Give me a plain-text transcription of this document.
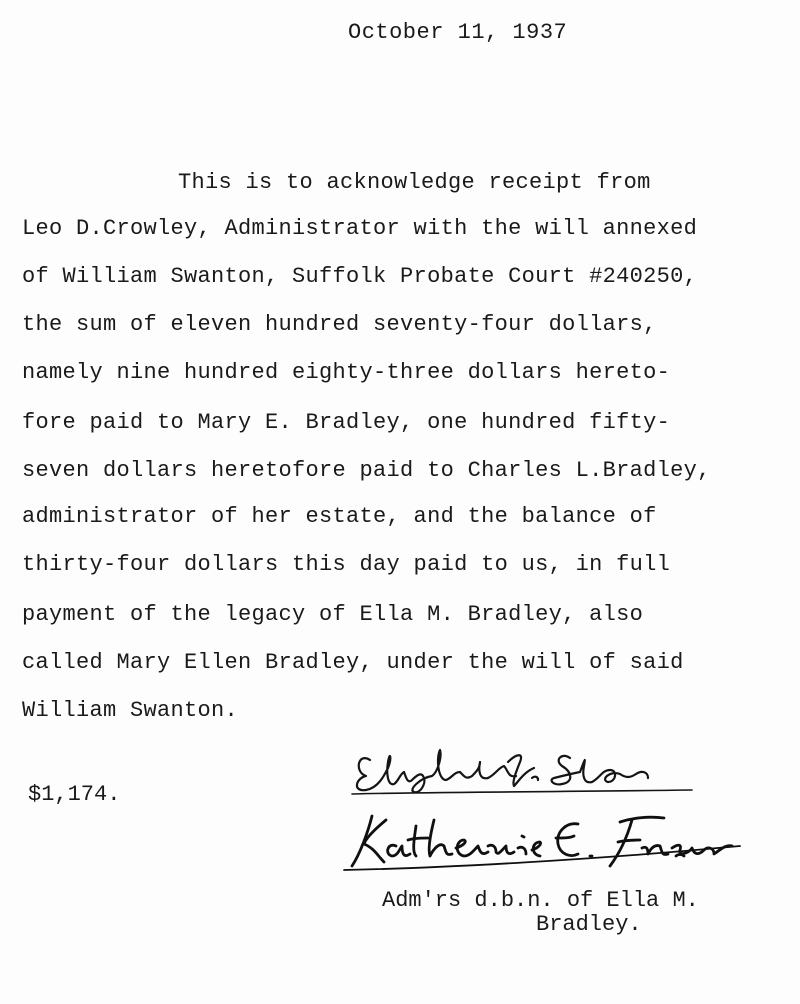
October 11, 1937
This is to acknowledge receipt from
Leo D.Crowley, Administrator with the will annexed
of William Swanton, Suffolk Probate Court #240250,
the sum of eleven hundred seventy-four dollars,
namely nine hundred eighty-three dollars hereto-
fore paid to Mary E. Bradley, one hundred fifty-
seven dollars heretofore paid to Charles L.Bradley,
administrator of her estate, and the balance of
thirty-four dollars this day paid to us, in full
payment of the legacy of Ella M. Bradley, also
called Mary Ellen Bradley, under the will of said
William Swanton.
$1,174.
Adm'rs d.b.n. of Ella M.
Bradley.
